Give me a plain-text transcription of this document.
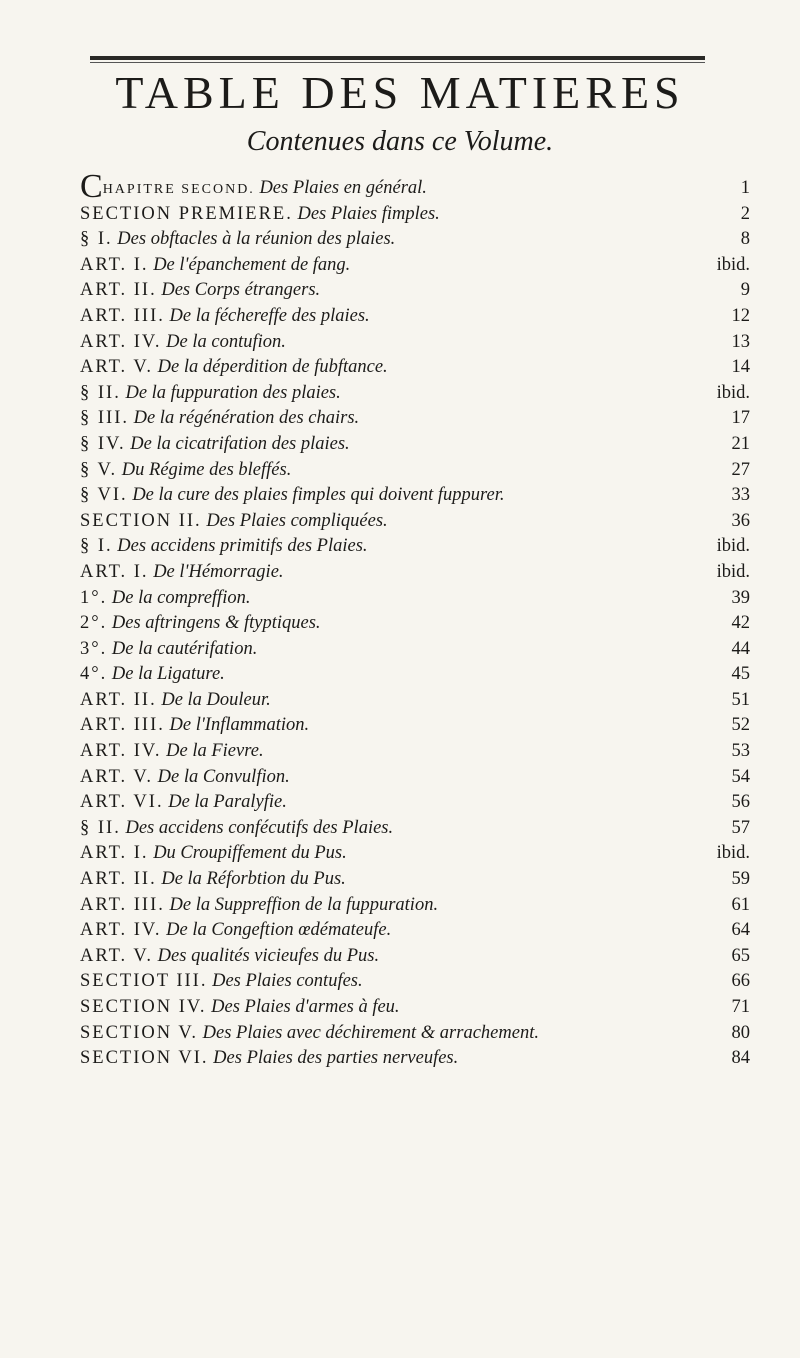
TABLE DES MATIERES
Contenues dans ce Volume.
CHAPITRE SECOND. Des Plaies en général.	1
SECTION PREMIERE. Des Plaies fimples.	2
§ I. Des obftacles à la réunion des plaies.	8
ART. I. De l'épanchement de fang.	ibid.
ART. II. Des Corps étrangers.	9
ART. III. De la féchereffe des plaies.	12
ART. IV. De la contufion.	13
ART. V. De la déperdition de fubftance.	14
§ II. De la fuppuration des plaies.	ibid.
§ III. De la régénération des chairs.	17
§ IV. De la cicatrifation des plaies.	21
§ V. Du Régime des bleffés.	27
§ VI. De la cure des plaies fimples qui doivent fuppurer.	33
SECTION II. Des Plaies compliquées.	36
§ I. Des accidens primitifs des Plaies.	ibid.
ART. I. De l'Hémorragie.	ibid.
1°. De la compreffion.	39
2°. Des aftringens & ftyptiques.	42
3°. De la cautérifation.	44
4°. De la Ligature.	45
ART. II. De la Douleur.	51
ART. III. De l'Inflammation.	52
ART. IV. De la Fievre.	53
ART. V. De la Convulfion.	54
ART. VI. De la Paralyfie.	56
§ II. Des accidens confécutifs des Plaies.	57
ART. I. Du Croupiffement du Pus.	ibid.
ART. II. De la Réforbtion du Pus.	59
ART. III. De la Suppreffion de la fuppuration.	61
ART. IV. De la Congeftion œdémateufe.	64
ART. V. Des qualités vicieufes du Pus.	65
SECTIOT III. Des Plaies contufes.	66
SECTION IV. Des Plaies d'armes à feu.	71
SECTION V. Des Plaies avec déchirement & arrachement.	80
SECTION VI. Des Plaies des parties nerveufes.	84
